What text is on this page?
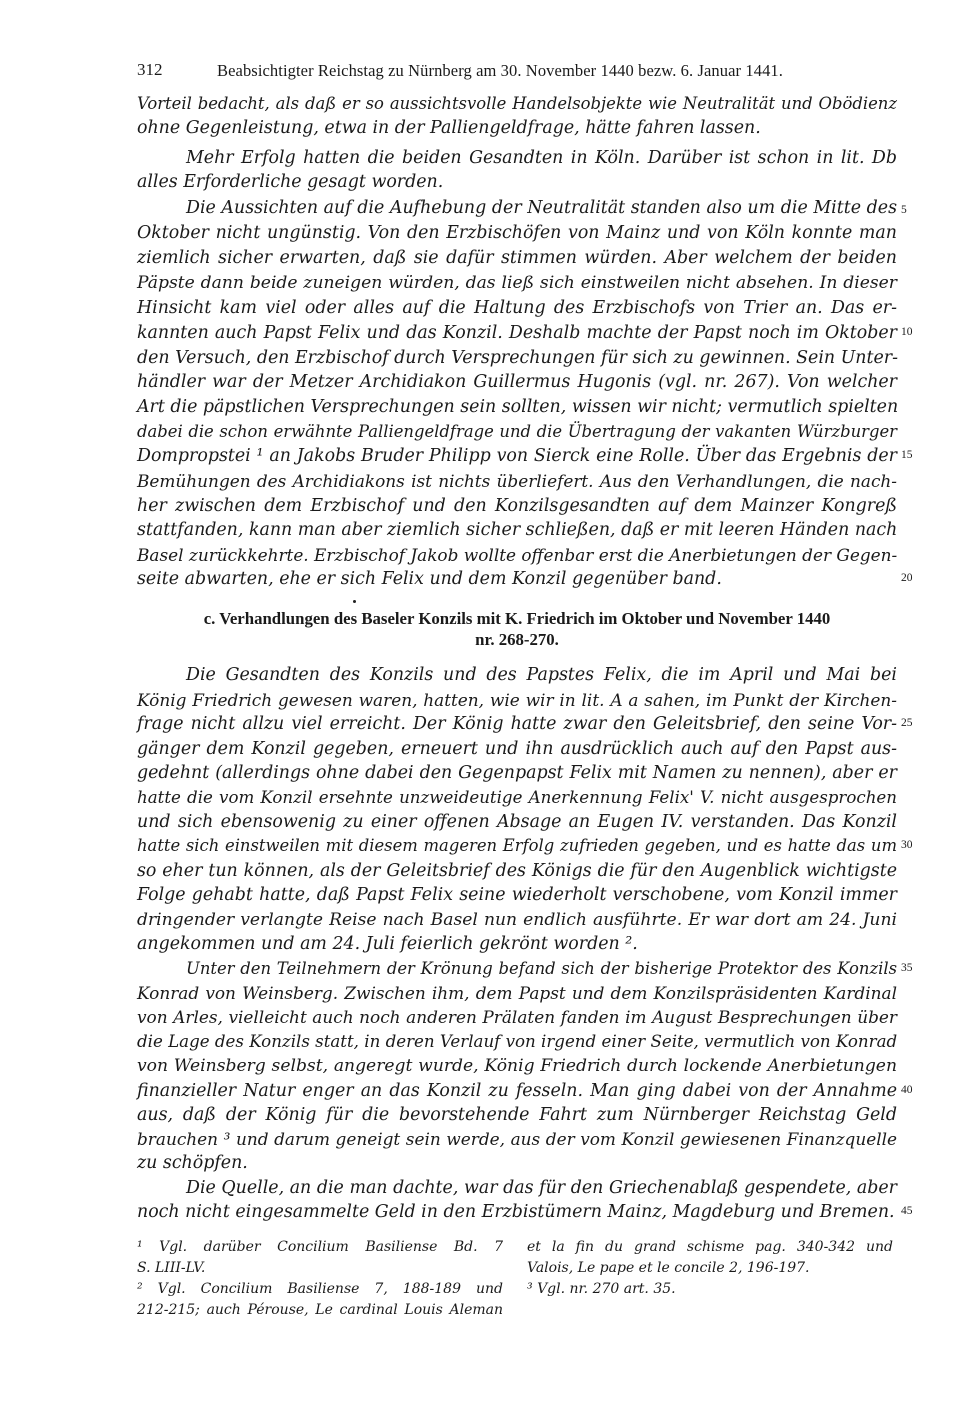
312	Beabsichtigter Reichstag zu Nürnberg am 30. November 1440 bezw. 6. Januar 1441.
Vorteil bedacht, als daß er so aussichtsvolle Handelsobjekte wie Neutralität und Obödienz
ohne Gegenleistung, etwa in der Palliengeldfrage, hätte fahren lassen.
Mehr Erfolg hatten die beiden Gesandten in Köln. Darüber ist schon in lit. Db
alles Erforderliche gesagt worden.
Die Aussichten auf die Aufhebung der Neutralität standen also um die Mitte des
Oktober nicht ungünstig. Von den Erzbischöfen von Mainz und von Köln konnte man
ziemlich sicher erwarten, daß sie dafür stimmen würden. Aber welchem der beiden
Päpste dann beide zuneigen würden, das ließ sich einstweilen nicht absehen. In dieser
Hinsicht kam viel oder alles auf die Haltung des Erzbischofs von Trier an. Das er-
kannten auch Papst Felix und das Konzil. Deshalb machte der Papst noch im Oktober
den Versuch, den Erzbischof durch Versprechungen für sich zu gewinnen. Sein Unter-
händler war der Metzer Archidiakon Guillermus Hugonis (vgl. nr. 267). Von welcher
Art die päpstlichen Versprechungen sein sollten, wissen wir nicht; vermutlich spielten
dabei die schon erwähnte Palliengeldfrage und die Übertragung der vakanten Würzburger
Dompropstei ¹ an Jakobs Bruder Philipp von Sierck eine Rolle. Über das Ergebnis der
Bemühungen des Archidiakons ist nichts überliefert. Aus den Verhandlungen, die nach-
her zwischen dem Erzbischof und den Konzilsgesandten auf dem Mainzer Kongreß
stattfanden, kann man aber ziemlich sicher schließen, daß er mit leeren Händen nach
Basel zurückkehrte. Erzbischof Jakob wollte offenbar erst die Anerbietungen der Gegen-
seite abwarten, ehe er sich Felix und dem Konzil gegenüber band.
c. Verhandlungen des Baseler Konzils mit K. Friedrich im Oktober und November 1440
nr. 268-270.
Die Gesandten des Konzils und des Papstes Felix, die im April und Mai bei
König Friedrich gewesen waren, hatten, wie wir in lit. A a sahen, im Punkt der Kirchen-
frage nicht allzu viel erreicht. Der König hatte zwar den Geleitsbrief, den seine Vor-
gänger dem Konzil gegeben, erneuert und ihn ausdrücklich auch auf den Papst aus-
gedehnt (allerdings ohne dabei den Gegenpapst Felix mit Namen zu nennen), aber er
hatte die vom Konzil ersehnte unzweideutige Anerkennung Felix' V. nicht ausgesprochen
und sich ebensowenig zu einer offenen Absage an Eugen IV. verstanden. Das Konzil
hatte sich einstweilen mit diesem mageren Erfolg zufrieden gegeben, und es hatte das um
so eher tun können, als der Geleitsbrief des Königs die für den Augenblick wichtigste
Folge gehabt hatte, daß Papst Felix seine wiederholt verschobene, vom Konzil immer
dringender verlangte Reise nach Basel nun endlich ausführte. Er war dort am 24. Juni
angekommen und am 24. Juli feierlich gekrönt worden ².
Unter den Teilnehmern der Krönung befand sich der bisherige Protektor des Konzils
Konrad von Weinsberg. Zwischen ihm, dem Papst und dem Konzilspräsidenten Kardinal
von Arles, vielleicht auch noch anderen Prälaten fanden im August Besprechungen über
die Lage des Konzils statt, in deren Verlauf von irgend einer Seite, vermutlich von Konrad
von Weinsberg selbst, angeregt wurde, König Friedrich durch lockende Anerbietungen
finanzieller Natur enger an das Konzil zu fesseln. Man ging dabei von der Annahme
aus, daß der König für die bevorstehende Fahrt zum Nürnberger Reichstag Geld
brauchen ³ und darum geneigt sein werde, aus der vom Konzil gewiesenen Finanzquelle
zu schöpfen.
Die Quelle, an die man dachte, war das für den Griechenablaß gespendete, aber
noch nicht eingesammelte Geld in den Erzbistümern Mainz, Magdeburg und Bremen.
5
10
15
20
25
30
35
40
45
¹ Vgl. darüber Concilium Basiliense Bd. 7
S. LIII-LV.
² Vgl. Concilium Basiliense 7, 188-189 und
212-215; auch Pérouse, Le cardinal Louis Aleman
et la fin du grand schisme pag. 340-342 und
Valois, Le pape et le concile 2, 196-197.
³ Vgl. nr. 270 art. 35.
